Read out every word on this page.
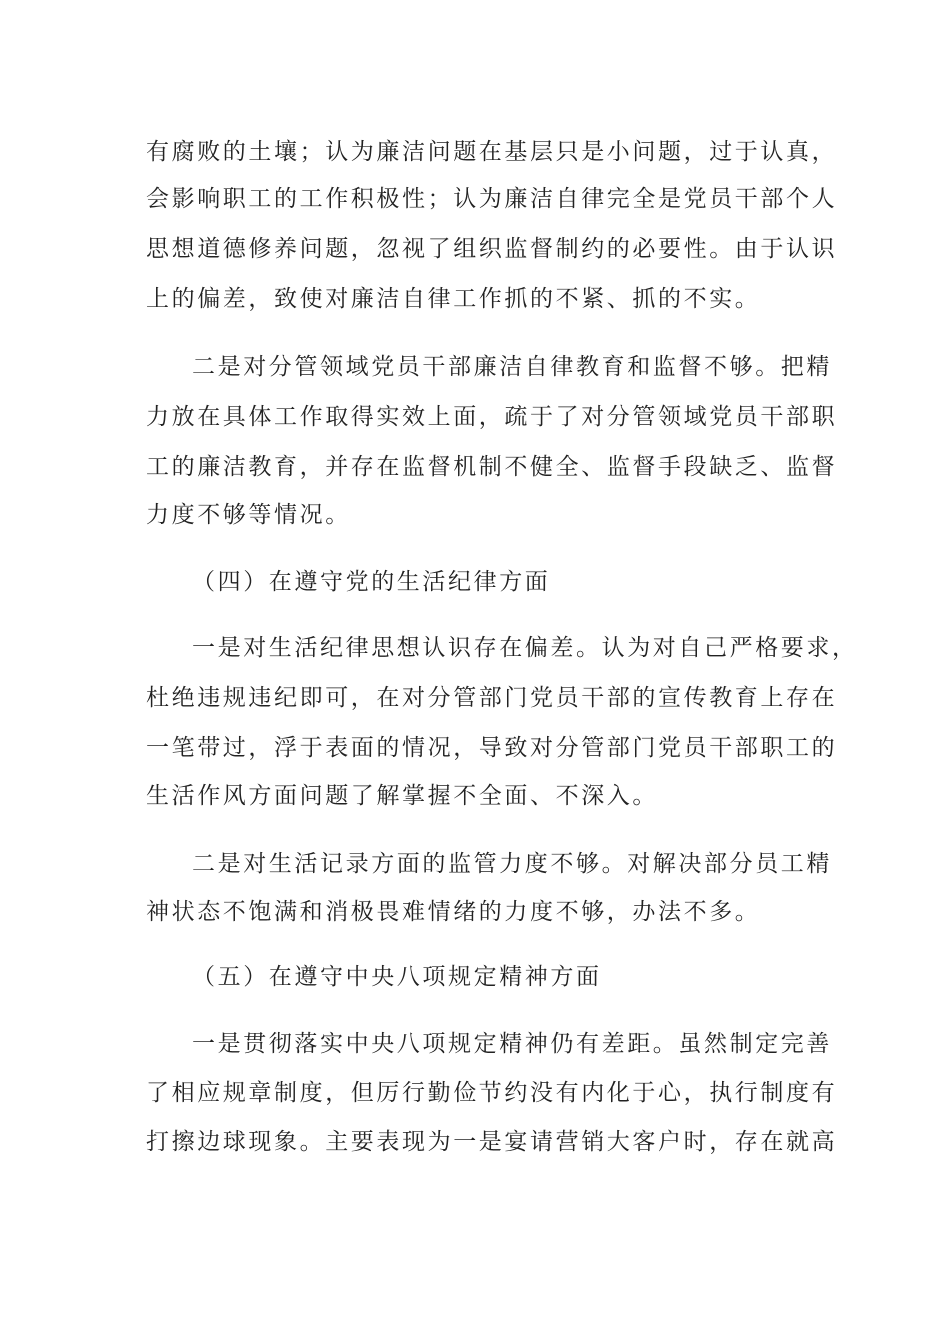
有腐败的土壤；认为廉洁问题在基层只是小问题，过于认真，
会影响职工的工作积极性；认为廉洁自律完全是党员干部个人
思想道德修养问题，忽视了组织监督制约的必要性。由于认识
上的偏差，致使对廉洁自律工作抓的不紧、抓的不实。
二是对分管领域党员干部廉洁自律教育和监督不够。把精
力放在具体工作取得实效上面，疏于了对分管领域党员干部职
工的廉洁教育，并存在监督机制不健全、监督手段缺乏、监督
力度不够等情况。
（四）在遵守党的生活纪律方面
一是对生活纪律思想认识存在偏差。认为对自己严格要求，
杜绝违规违纪即可，在对分管部门党员干部的宣传教育上存在
一笔带过，浮于表面的情况，导致对分管部门党员干部职工的
生活作风方面问题了解掌握不全面、不深入。
二是对生活记录方面的监管力度不够。对解决部分员工精
神状态不饱满和消极畏难情绪的力度不够，办法不多。
（五）在遵守中央八项规定精神方面
一是贯彻落实中央八项规定精神仍有差距。虽然制定完善
了相应规章制度，但厉行勤俭节约没有内化于心，执行制度有
打擦边球现象。主要表现为一是宴请营销大客户时，存在就高
